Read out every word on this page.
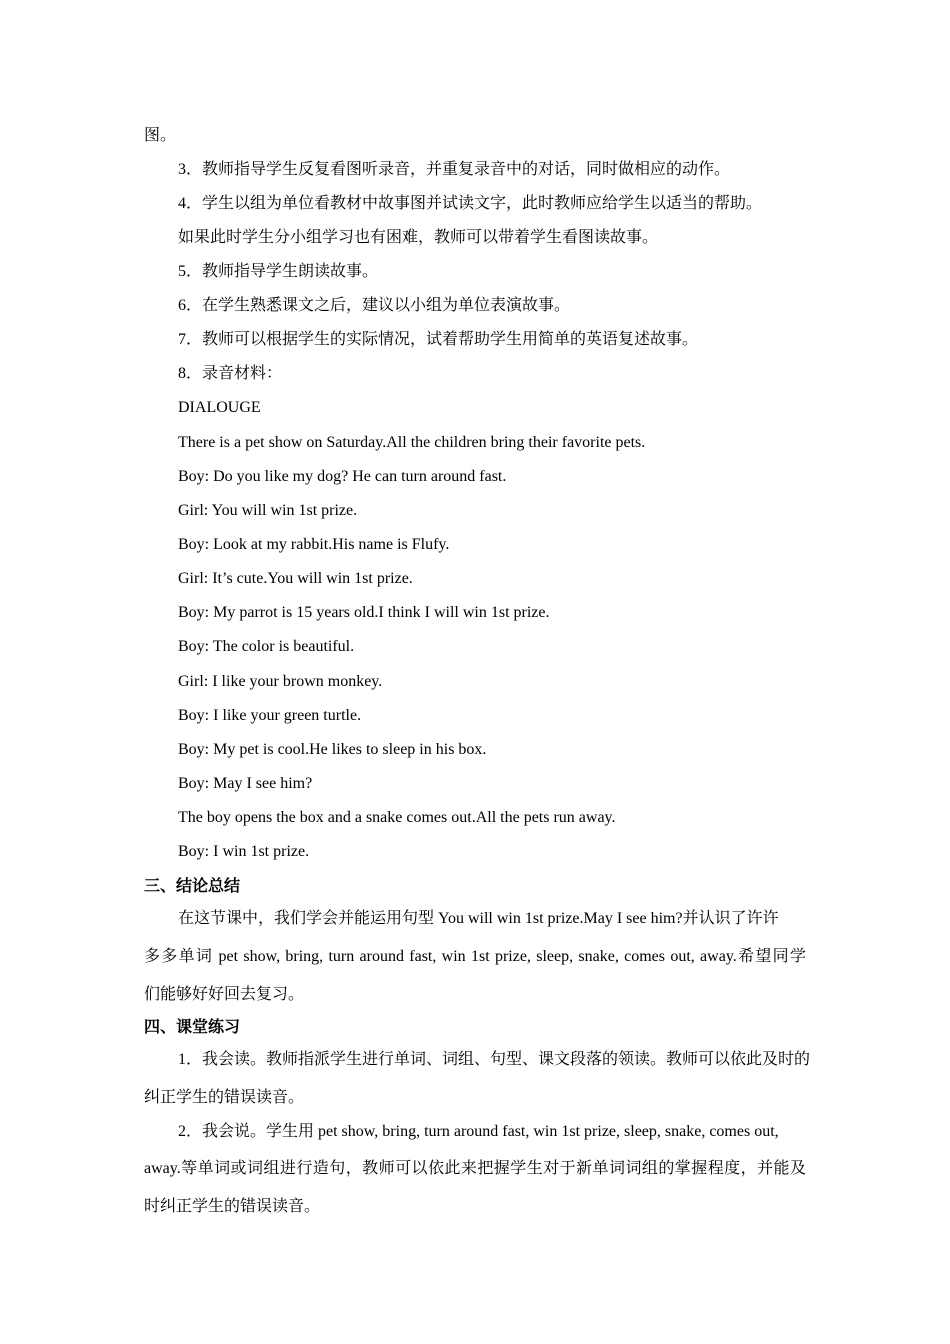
图。
3．教师指导学生反复看图听录音，并重复录音中的对话，同时做相应的动作。
4．学生以组为单位看教材中故事图并试读文字，此时教师应给学生以适当的帮助。
如果此时学生分小组学习也有困难，教师可以带着学生看图读故事。
5．教师指导学生朗读故事。
6．在学生熟悉课文之后，建议以小组为单位表演故事。
7．教师可以根据学生的实际情况，试着帮助学生用简单的英语复述故事。
8．录音材料：
DIALOUGE
There is a pet show on Saturday.All the children bring their favorite pets.
Boy: Do you like my dog? He can turn around fast.
Girl: You will win 1st prize.
Boy: Look at my rabbit.His name is Flufy.
Girl: It’s cute.You will win 1st prize.
Boy: My parrot is 15 years old.I think I will win 1st prize.
Boy: The color is beautiful.
Girl: I like your brown monkey.
Boy: I like your green turtle.
Boy: My pet is cool.He likes to sleep in his box.
Boy: May I see him?
The boy opens the box and a snake comes out.All the pets run away.
Boy: I win 1st prize.
三、结论总结
在这节课中，我们学会并能运用句型 You will win 1st prize.May I see him?并认识了许许
多多单词 pet show, bring, turn around fast, win 1st prize, sleep, snake, comes out, away.希望同学
们能够好好回去复习。
四、课堂练习
1．我会读。教师指派学生进行单词、词组、句型、课文段落的领读。教师可以依此及时的
纠正学生的错误读音。
2．我会说。学生用 pet show, bring, turn around fast, win 1st prize, sleep, snake, comes out,
away.等单词或词组进行造句，教师可以依此来把握学生对于新单词词组的掌握程度，并能及
时纠正学生的错误读音。
